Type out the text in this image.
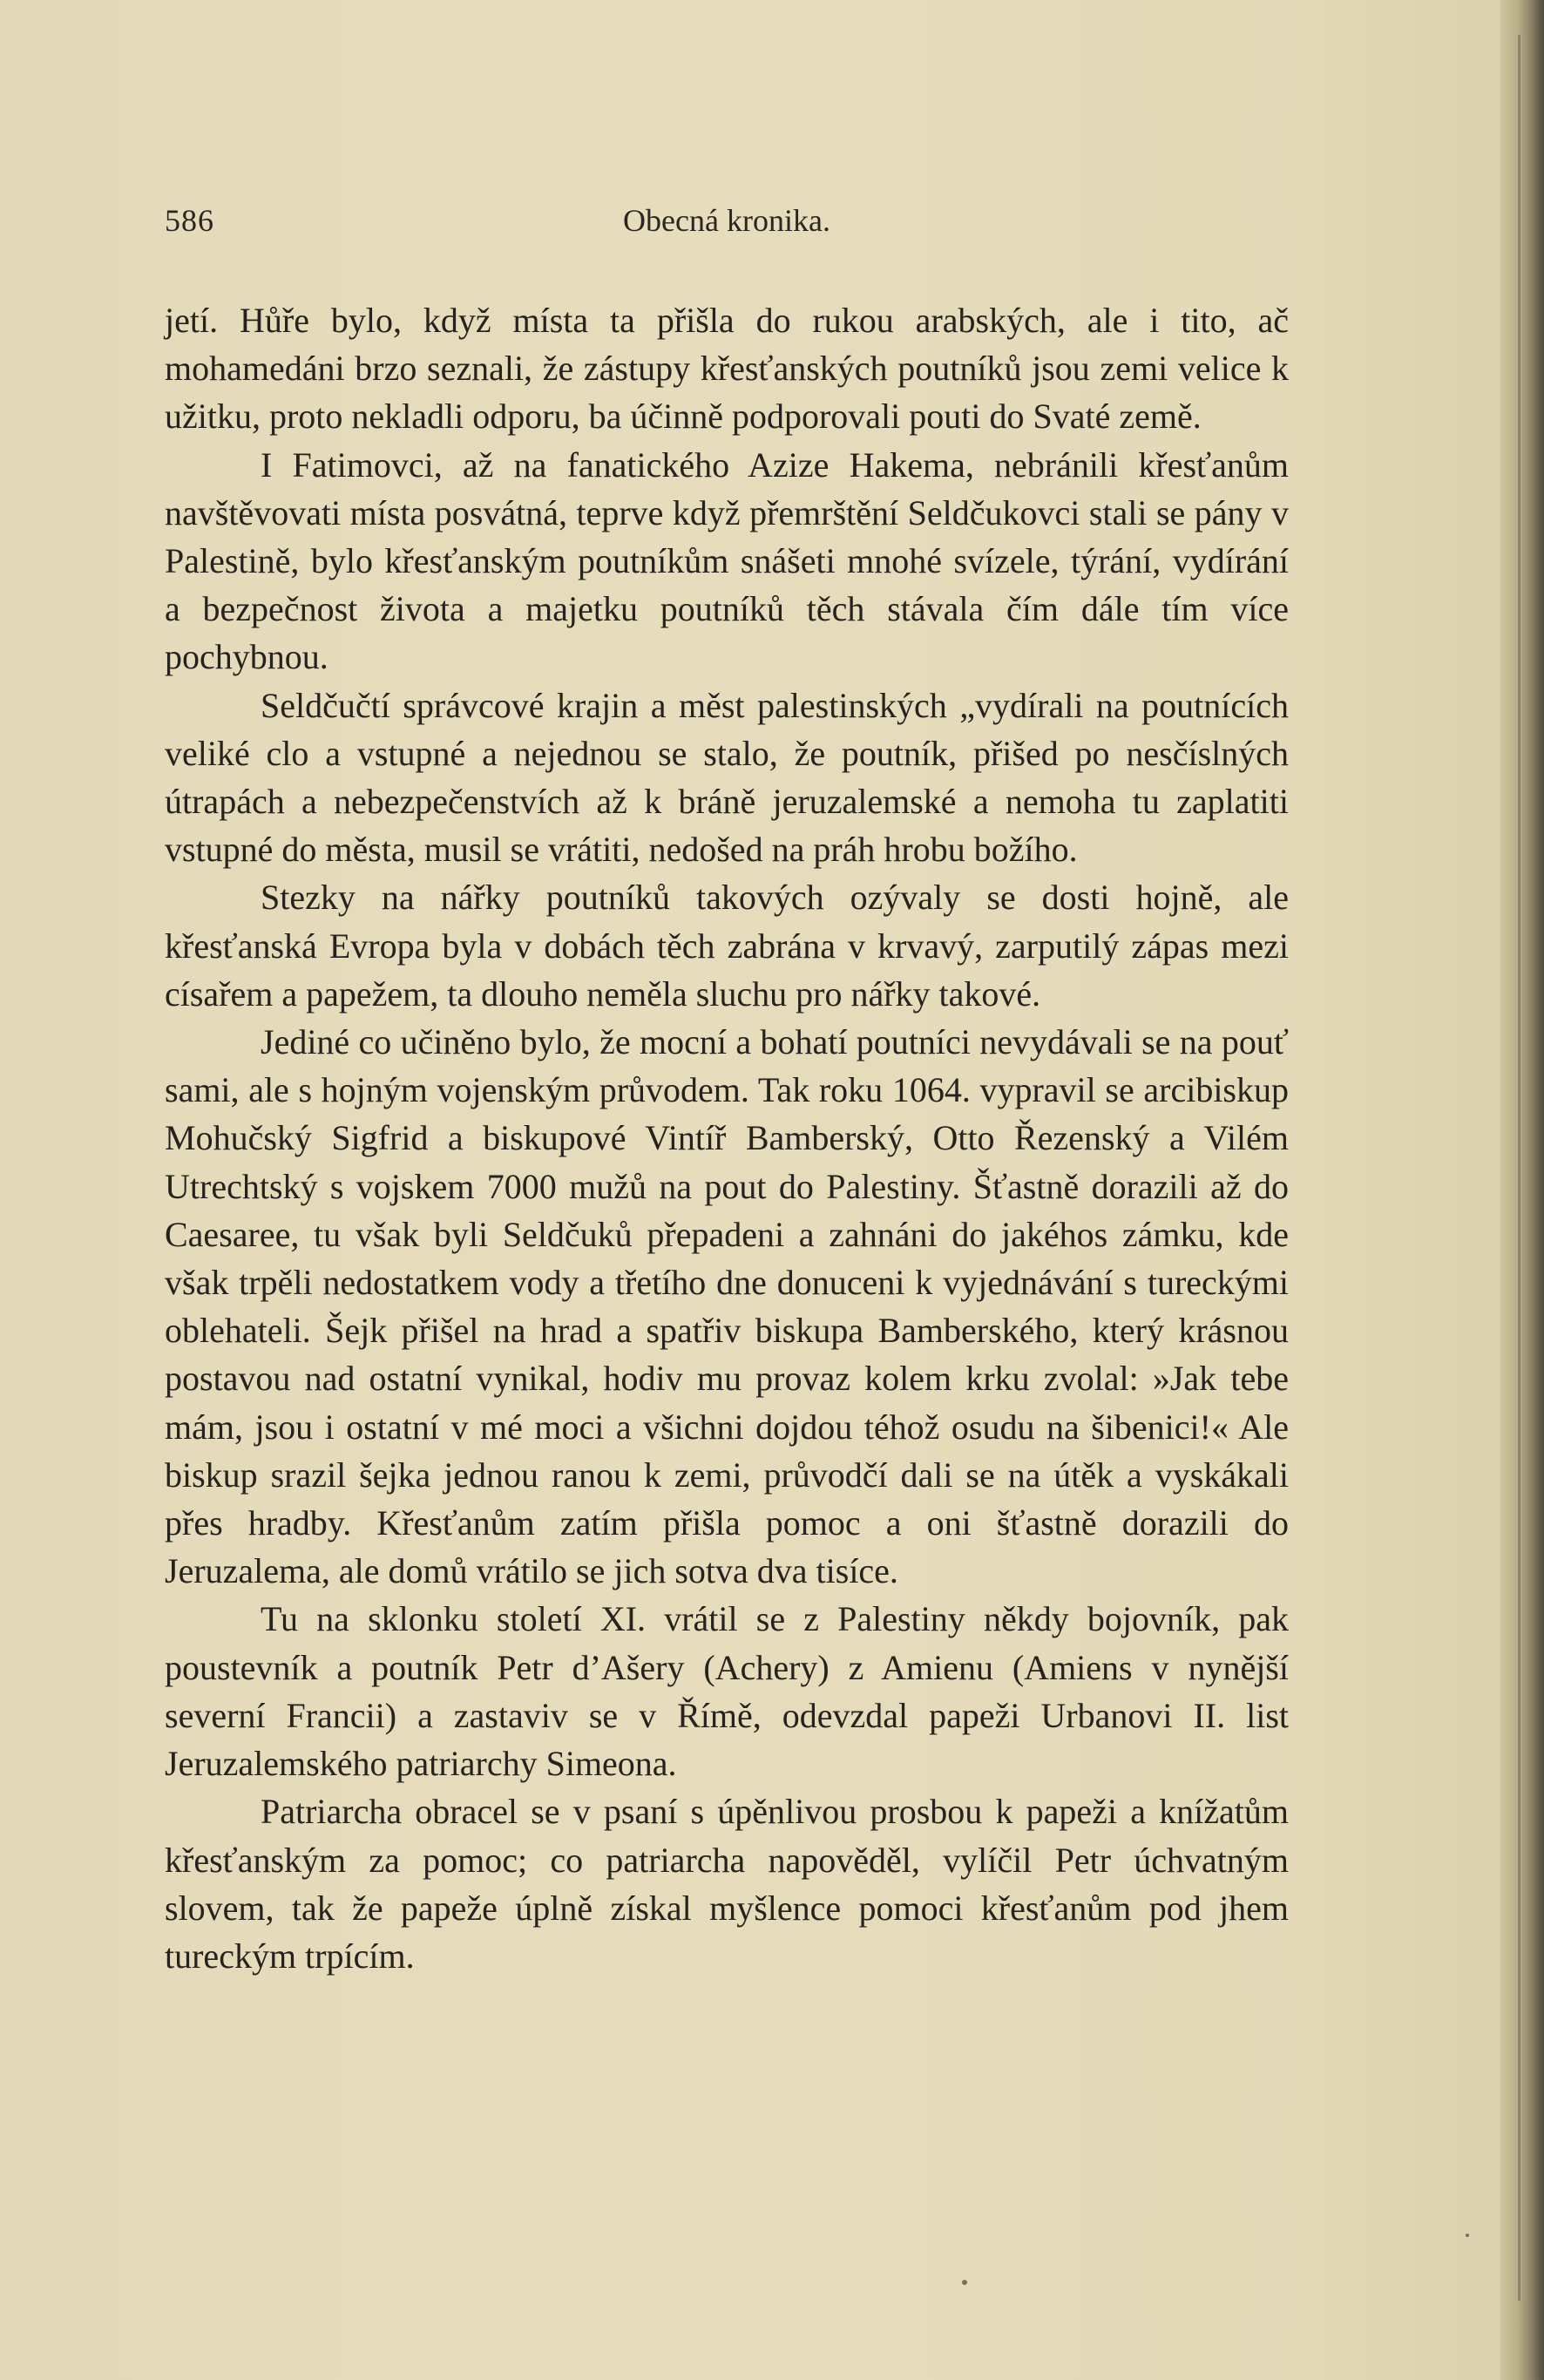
586	Obecná kronika.

jetí. Hůře bylo, když místa ta přišla do rukou arabských, ale i tito, ač mohamedáni brzo seznali, že zástupy křesťanských poutníků jsou zemi velice k užitku, proto nekladli odporu, ba účinně podporovali pouti do Svaté země.

I Fatimovci, až na fanatického Azize Hakema, nebránili křesťanům navštěvovati místa posvátná, teprve když přemrštění Seldčukovci stali se pány v Palestině, bylo křesťanským poutníkům snášeti mnohé svízele, týrání, vydírání a bezpečnost života a majetku poutníků těch stávala čím dále tím více pochybnou.

Seldčučtí správcové krajin a měst palestinských „vydírali na poutnících veliké clo a vstupné a nejednou se stalo, že poutník, přišed po nesčíslných útrapách a nebezpečenstvích až k bráně jeruzalemské a nemoha tu zaplatiti vstupné do města, musil se vrátiti, nedošed na práh hrobu božího.

Stezky na nářky poutníků takových ozývaly se dosti hojně, ale křesťanská Evropa byla v dobách těch zabrána v krvavý, zarputilý zápas mezi císařem a papežem, ta dlouho neměla sluchu pro nářky takové.

Jediné co učiněno bylo, že mocní a bohatí poutníci nevydávali se na pouť sami, ale s hojným vojenským průvodem. Tak roku 1064. vypravil se arcibiskup Mohučský Sigfrid a biskupové Vintíř Bamberský, Otto Řezenský a Vilém Utrechtský s vojskem 7000 mužů na pout do Palestiny. Šťastně dorazili až do Caesaree, tu však byli Seldčuků přepadeni a zahnáni do jakéhos zámku, kde však trpěli nedostatkem vody a třetího dne donuceni k vyjednávání s tureckými oblehateli. Šejk přišel na hrad a spatřiv biskupa Bamberského, který krásnou postavou nad ostatní vynikal, hodiv mu provaz kolem krku zvolal: »Jak tebe mám, jsou i ostatní v mé moci a všichni dojdou téhož osudu na šibenici!« Ale biskup srazil šejka jednou ranou k zemi, průvodčí dali se na útěk a vyskákali přes hradby. Křesťanům zatím přišla pomoc a oni šťastně dorazili do Jeruzalema, ale domů vrátilo se jich sotva dva tisíce.

Tu na sklonku století XI. vrátil se z Palestiny někdy bojovník, pak poustevník a poutník Petr d’Ašery (Achery) z Amienu (Amiens v nynější severní Francii) a zastaviv se v Římě, odevzdal papeži Urbanovi II. list Jeruzalemského patriarchy Simeona.

Patriarcha obracel se v psaní s úpěnlivou prosbou k papeži a knížatům křesťanským za pomoc; co patriarcha napověděl, vylíčil Petr úchvatným slovem, tak že papeže úplně získal myšlence pomoci křesťanům pod jhem tureckým trpícím.
